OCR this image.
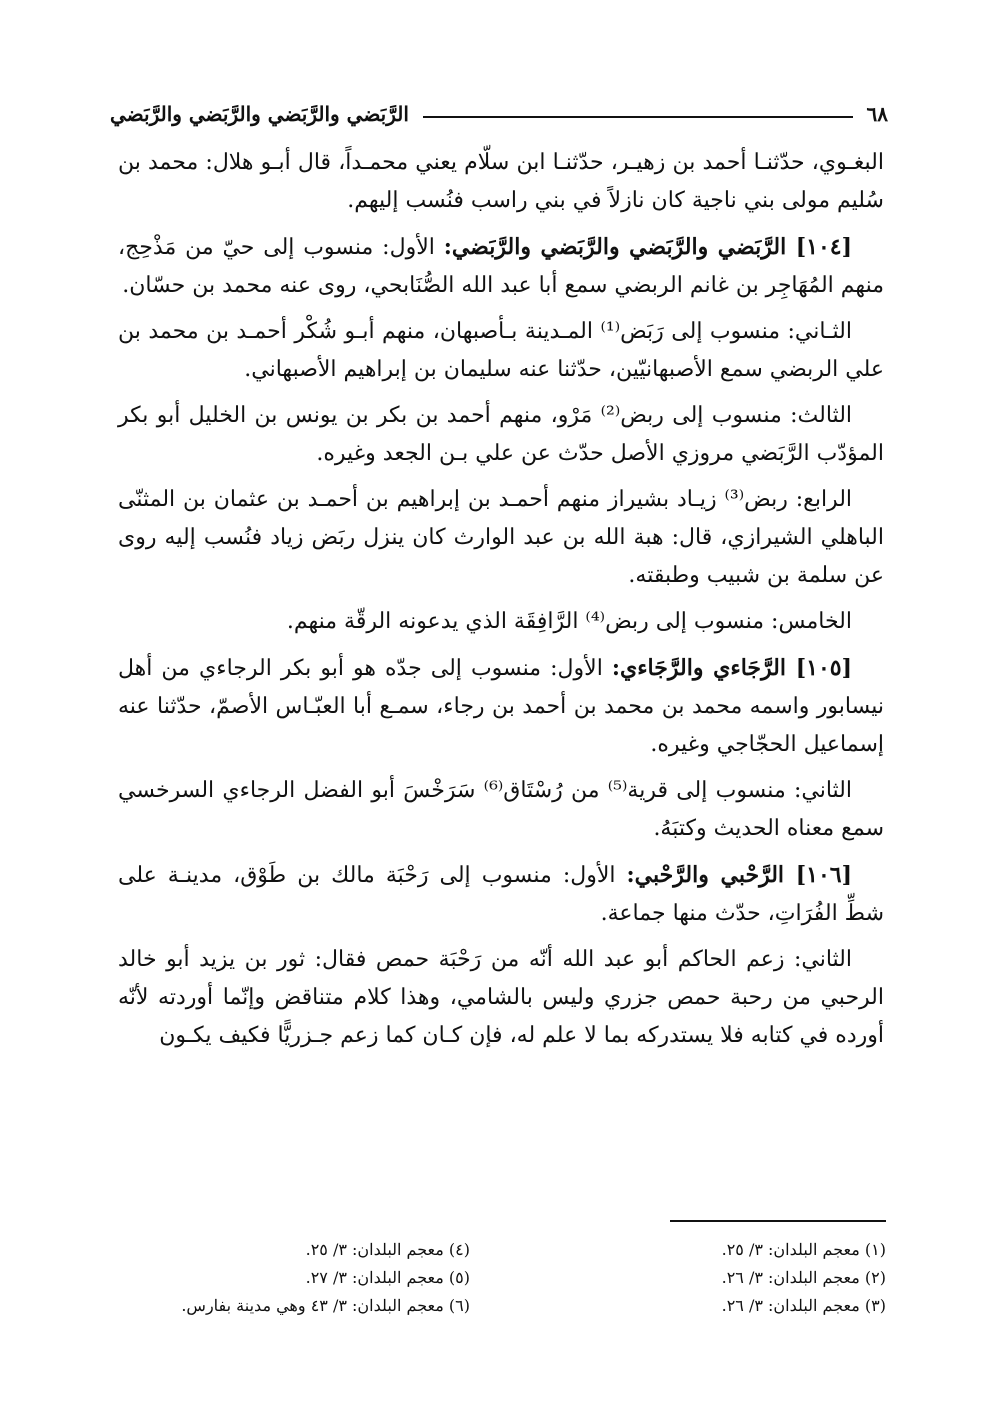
٦٨
الرَّبَضي والرَّبَضي والرَّبَضي والرَّبَضي

البغـوي، حدّثنـا أحمد بن زهيـر، حدّثنـا ابن سلّام يعني محمـداً، قال أبـو هلال: محمد بن سُليم مولى بني ناجية كان نازلاً في بني راسب فنُسب إليهم.

[١٠٤] الرَّبَضي والرَّبَضي والرَّبَضي والرَّبَضي: الأول: منسوب إلى حيّ من مَذْحِج، منهم المُهَاجِر بن غانم الربضي سمع أبا عبد الله الصُّنَابحي، روى عنه محمد بن حسّان.

الثـاني: منسوب إلى رَبَض⁽¹⁾ المـدينة بـأصبهان، منهم أبـو شُكْر أحمـد بن محمد بن علي الربضي سمع الأصبهانيّين، حدّثنا عنه سليمان بن إبراهيم الأصبهاني.

الثالث: منسوب إلى ربض⁽²⁾ مَرْو، منهم أحمد بن بكر بن يونس بن الخليل أبو بكر المؤدّب الرَّبَضي مروزي الأصل حدّث عن علي بـن الجعد وغيره.

الرابع: ربض⁽³⁾ زيـاد بشيراز منهم أحمـد بن إبراهيم بن أحمـد بن عثمان بن المثنّى الباهلي الشيرازي، قال: هبة الله بن عبد الوارث كان ينزل ربَض زياد فنُسب إليه روى عن سلمة بن شبيب وطبقته.

الخامس: منسوب إلى ربض⁽⁴⁾ الرَّافِقَة الذي يدعونه الرقّة منهم.

[١٠٥] الرَّجَاءي والرَّجَاءي: الأول: منسوب إلى جدّه هو أبو بكر الرجاءي من أهل نيسابور واسمه محمد بن محمد بن أحمد بن رجاء، سمـع أبا العبّـاس الأصمّ، حدّثنا عنه إسماعيل الحجّاجي وغيره.

الثاني: منسوب إلى قرية⁽⁵⁾ من رُسْتَاق⁽⁶⁾ سَرَخْسَ أبو الفضل الرجاءي السرخسي سمع معناه الحديث وكتبَهُ.

[١٠٦] الرَّحْبي والرَّحْبي: الأول: منسوب إلى رَحْبَة مالك بن طَوْق، مدينـة على شطِّ الفُرَاتِ، حدّث منها جماعة.

الثاني: زعم الحاكم أبو عبد الله أنّه من رَحْبَة حمص فقال: ثور بن يزيد أبو خالد الرحبي من رحبة حمص جزري وليس بالشامي، وهذا كلام متناقض وإنّما أوردته لأنّه أورده في كتابه فلا يستدركه بما لا علم له، فإن كـان كما زعم جـزريًّا فكيف يكـون

(١) معجم البلدان: ٣/ ٢٥.
(٢) معجم البلدان: ٣/ ٢٦.
(٣) معجم البلدان: ٣/ ٢٦.
(٤) معجم البلدان: ٣/ ٢٥.
(٥) معجم البلدان: ٣/ ٢٧.
(٦) معجم البلدان: ٣/ ٤٣ وهي مدينة بفارس.
